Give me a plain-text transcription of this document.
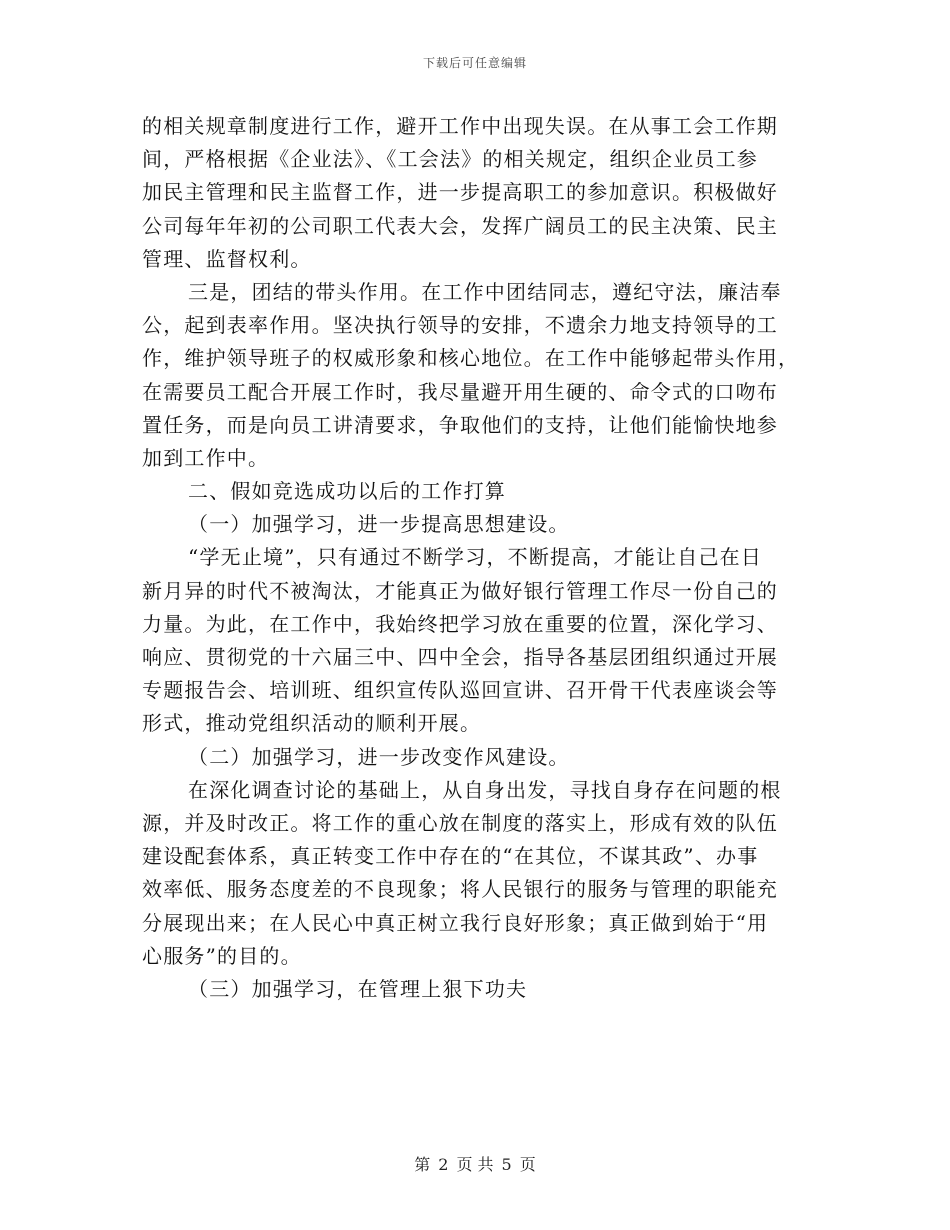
下载后可任意编辑
的相关规章制度进行工作，避开工作中出现失误。在从事工会工作期
间，严格根据《企业法》、《工会法》的相关规定，组织企业员工参
加民主管理和民主监督工作，进一步提高职工的参加意识。积极做好
公司每年年初的公司职工代表大会，发挥广阔员工的民主决策、民主
管理、监督权利。
三是，团结的带头作用。在工作中团结同志，遵纪守法，廉洁奉
公，起到表率作用。坚决执行领导的安排，不遗余力地支持领导的工
作，维护领导班子的权威形象和核心地位。在工作中能够起带头作用，
在需要员工配合开展工作时，我尽量避开用生硬的、命令式的口吻布
置任务，而是向员工讲清要求，争取他们的支持，让他们能愉快地参
加到工作中。
二、假如竞选成功以后的工作打算
（一）加强学习，进一步提高思想建设。
“学无止境”，只有通过不断学习，不断提高，才能让自己在日
新月异的时代不被淘汰，才能真正为做好银行管理工作尽一份自己的
力量。为此，在工作中，我始终把学习放在重要的位置，深化学习、
响应、贯彻党的十六届三中、四中全会，指导各基层团组织通过开展
专题报告会、培训班、组织宣传队巡回宣讲、召开骨干代表座谈会等
形式，推动党组织活动的顺利开展。
（二）加强学习，进一步改变作风建设。
在深化调查讨论的基础上，从自身出发，寻找自身存在问题的根
源，并及时改正。将工作的重心放在制度的落实上，形成有效的队伍
建设配套体系，真正转变工作中存在的“在其位，不谋其政”、办事
效率低、服务态度差的不良现象；将人民银行的服务与管理的职能充
分展现出来；在人民心中真正树立我行良好形象；真正做到始于“用
心服务”的目的。
（三）加强学习，在管理上狠下功夫
第 2 页 共 5 页
